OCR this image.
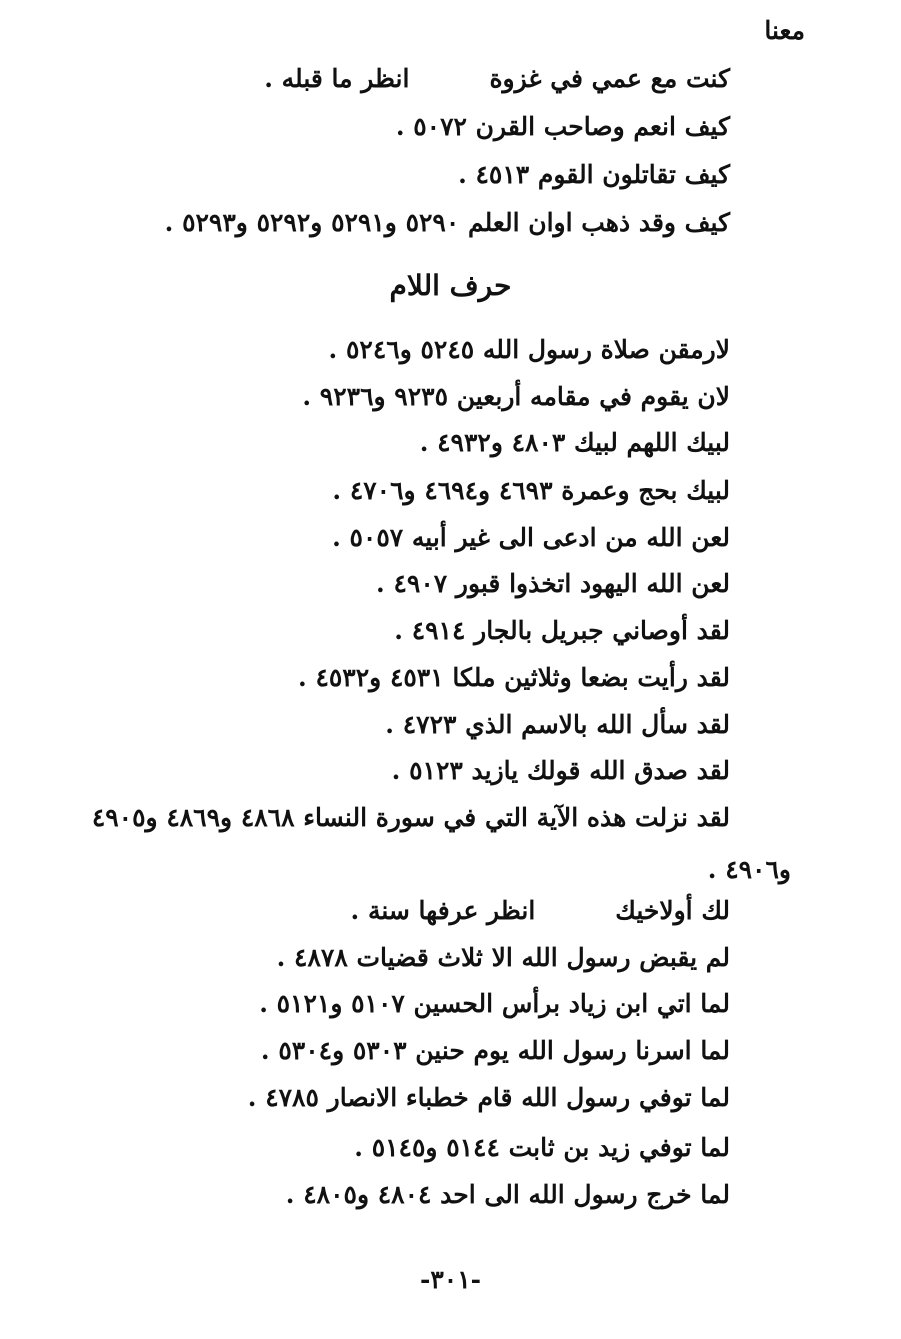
معنا
كنت مع عمي في غزوةانظر ما قبله .
كيف انعم وصاحب القرن ٥٠٧٢ .
كيف تقاتلون القوم ٤٥١٣ .
كيف وقد ذهب اوان العلم ٥٢٩٠ و٥٢٩١ و٥٢٩٢ و٥٢٩٣ .
حرف اللام
لارمقن صلاة رسول الله ٥٢٤٥ و٥٢٤٦ .
لان يقوم في مقامه أربعين ٩٢٣٥ و٩٢٣٦ .
لبيك اللهم لبيك ٤٨٠٣ و٤٩٣٢ .
لبيك بحج وعمرة ٤٦٩٣ و٤٦٩٤ و٤٧٠٦ .
لعن الله من ادعى الى غير أبيه ٥٠٥٧ .
لعن الله اليهود اتخذوا قبور ٤٩٠٧ .
لقد أوصاني جبريل بالجار ٤٩١٤ .
لقد رأيت بضعا وثلاثين ملكا ٤٥٣١ و٤٥٣٢ .
لقد سأل الله بالاسم الذي ٤٧٢٣ .
لقد صدق الله قولك يازيد ٥١٢٣ .
لقد نزلت هذه الآية التي في سورة النساء ٤٨٦٨ و٤٨٦٩ و٤٩٠٥
و٤٩٠٦ .
لك أولاخيكانظر عرفها سنة .
لم يقبض رسول الله الا ثلاث قضيات ٤٨٧٨ .
لما اتي ابن زياد برأس الحسين ٥١٠٧ و٥١٢١ .
لما اسرنا رسول الله يوم حنين ٥٣٠٣ و٥٣٠٤ .
لما توفي رسول الله قام خطباء الانصار ٤٧٨٥ .
لما توفي زيد بن ثابت ٥١٤٤ و٥١٤٥ .
لما خرج رسول الله الى احد ٤٨٠٤ و٤٨٠٥ .
-٣٠١-
